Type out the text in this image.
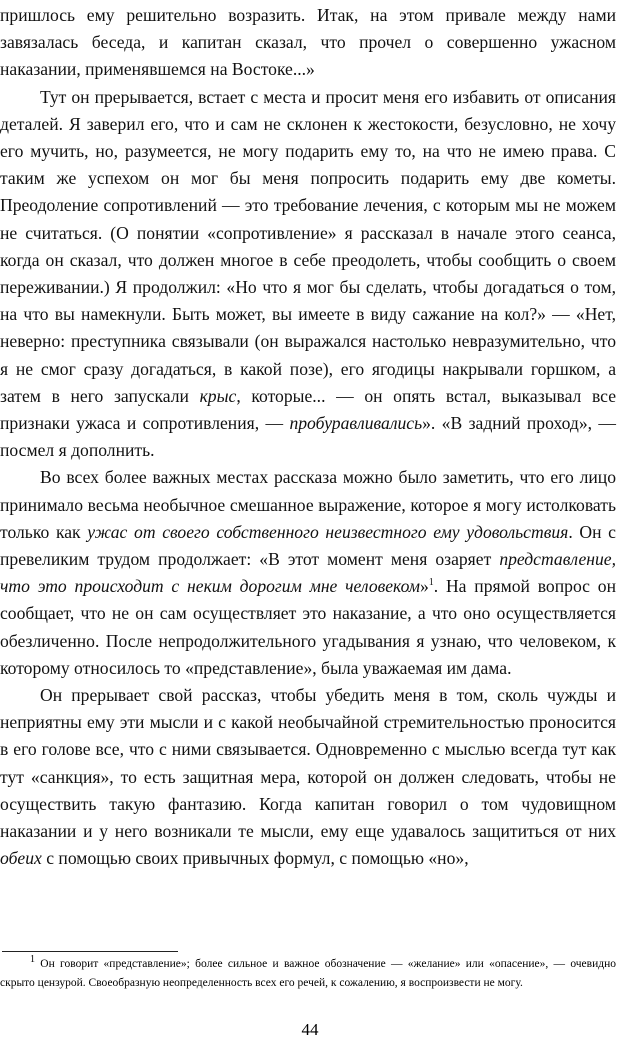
пришлось ему решительно возразить. Итак, на этом привале между нами завязалась беседа, и капитан сказал, что прочел о совершенно ужасном наказании, применявшемся на Востоке...»

Тут он прерывается, встает с места и просит меня его избавить от описания деталей. Я заверил его, что и сам не склонен к жестокости, безусловно, не хочу его мучить, но, разумеется, не могу подарить ему то, на что не имею права. С таким же успехом он мог бы меня попросить подарить ему две кометы. Преодоление сопротивлений — это требование лечения, с которым мы не можем не считаться. (О понятии «сопротивление» я рассказал в начале этого сеанса, когда он сказал, что должен многое в себе преодолеть, чтобы сообщить о своем переживании.) Я продолжил: «Но что я мог бы сделать, чтобы догадаться о том, на что вы намекнули. Быть может, вы имеете в виду сажание на кол?» — «Нет, неверно: преступника связывали (он выражался настолько невразумительно, что я не смог сразу догадаться, в какой позе), его ягодицы накрывали горшком, а затем в него запускали крыс, которые... — он опять встал, выказывал все признаки ужаса и сопротивления, — пробуравливались». «В задний проход», — посмел я дополнить.

Во всех более важных местах рассказа можно было заметить, что его лицо принимало весьма необычное смешанное выражение, которое я могу истолковать только как ужас от своего собственного неизвестного ему удовольствия. Он с превеликим трудом продолжает: «В этот момент меня озаряет представление, что это происходит с неким дорогим мне человеком»$^1$. На прямой вопрос он сообщает, что не он сам осуществляет это наказание, а что оно осуществляется обезличенно. После непродолжительного угадывания я узнаю, что человеком, к которому относилось то «представление», была уважаемая им дама.

Он прерывает свой рассказ, чтобы убедить меня в том, сколь чужды и неприятны ему эти мысли и с какой необычайной стремительностью проносится в его голове все, что с ними связывается. Одновременно с мыслью всегда тут как тут «санкция», то есть защитная мера, которой он должен следовать, чтобы не осуществить такую фантазию. Когда капитан говорил о том чудовищном наказании и у него возникали те мысли, ему еще удавалось защититься от них обеих с помощью своих привычных формул, с помощью «но»,

$^1$ Он говорит «представление»; более сильное и важное обозначение — «желание» или «опасение», — очевидно скрыто цензурой. Своеобразную неопределенность всех его речей, к сожалению, я воспроизвести не могу.

44
